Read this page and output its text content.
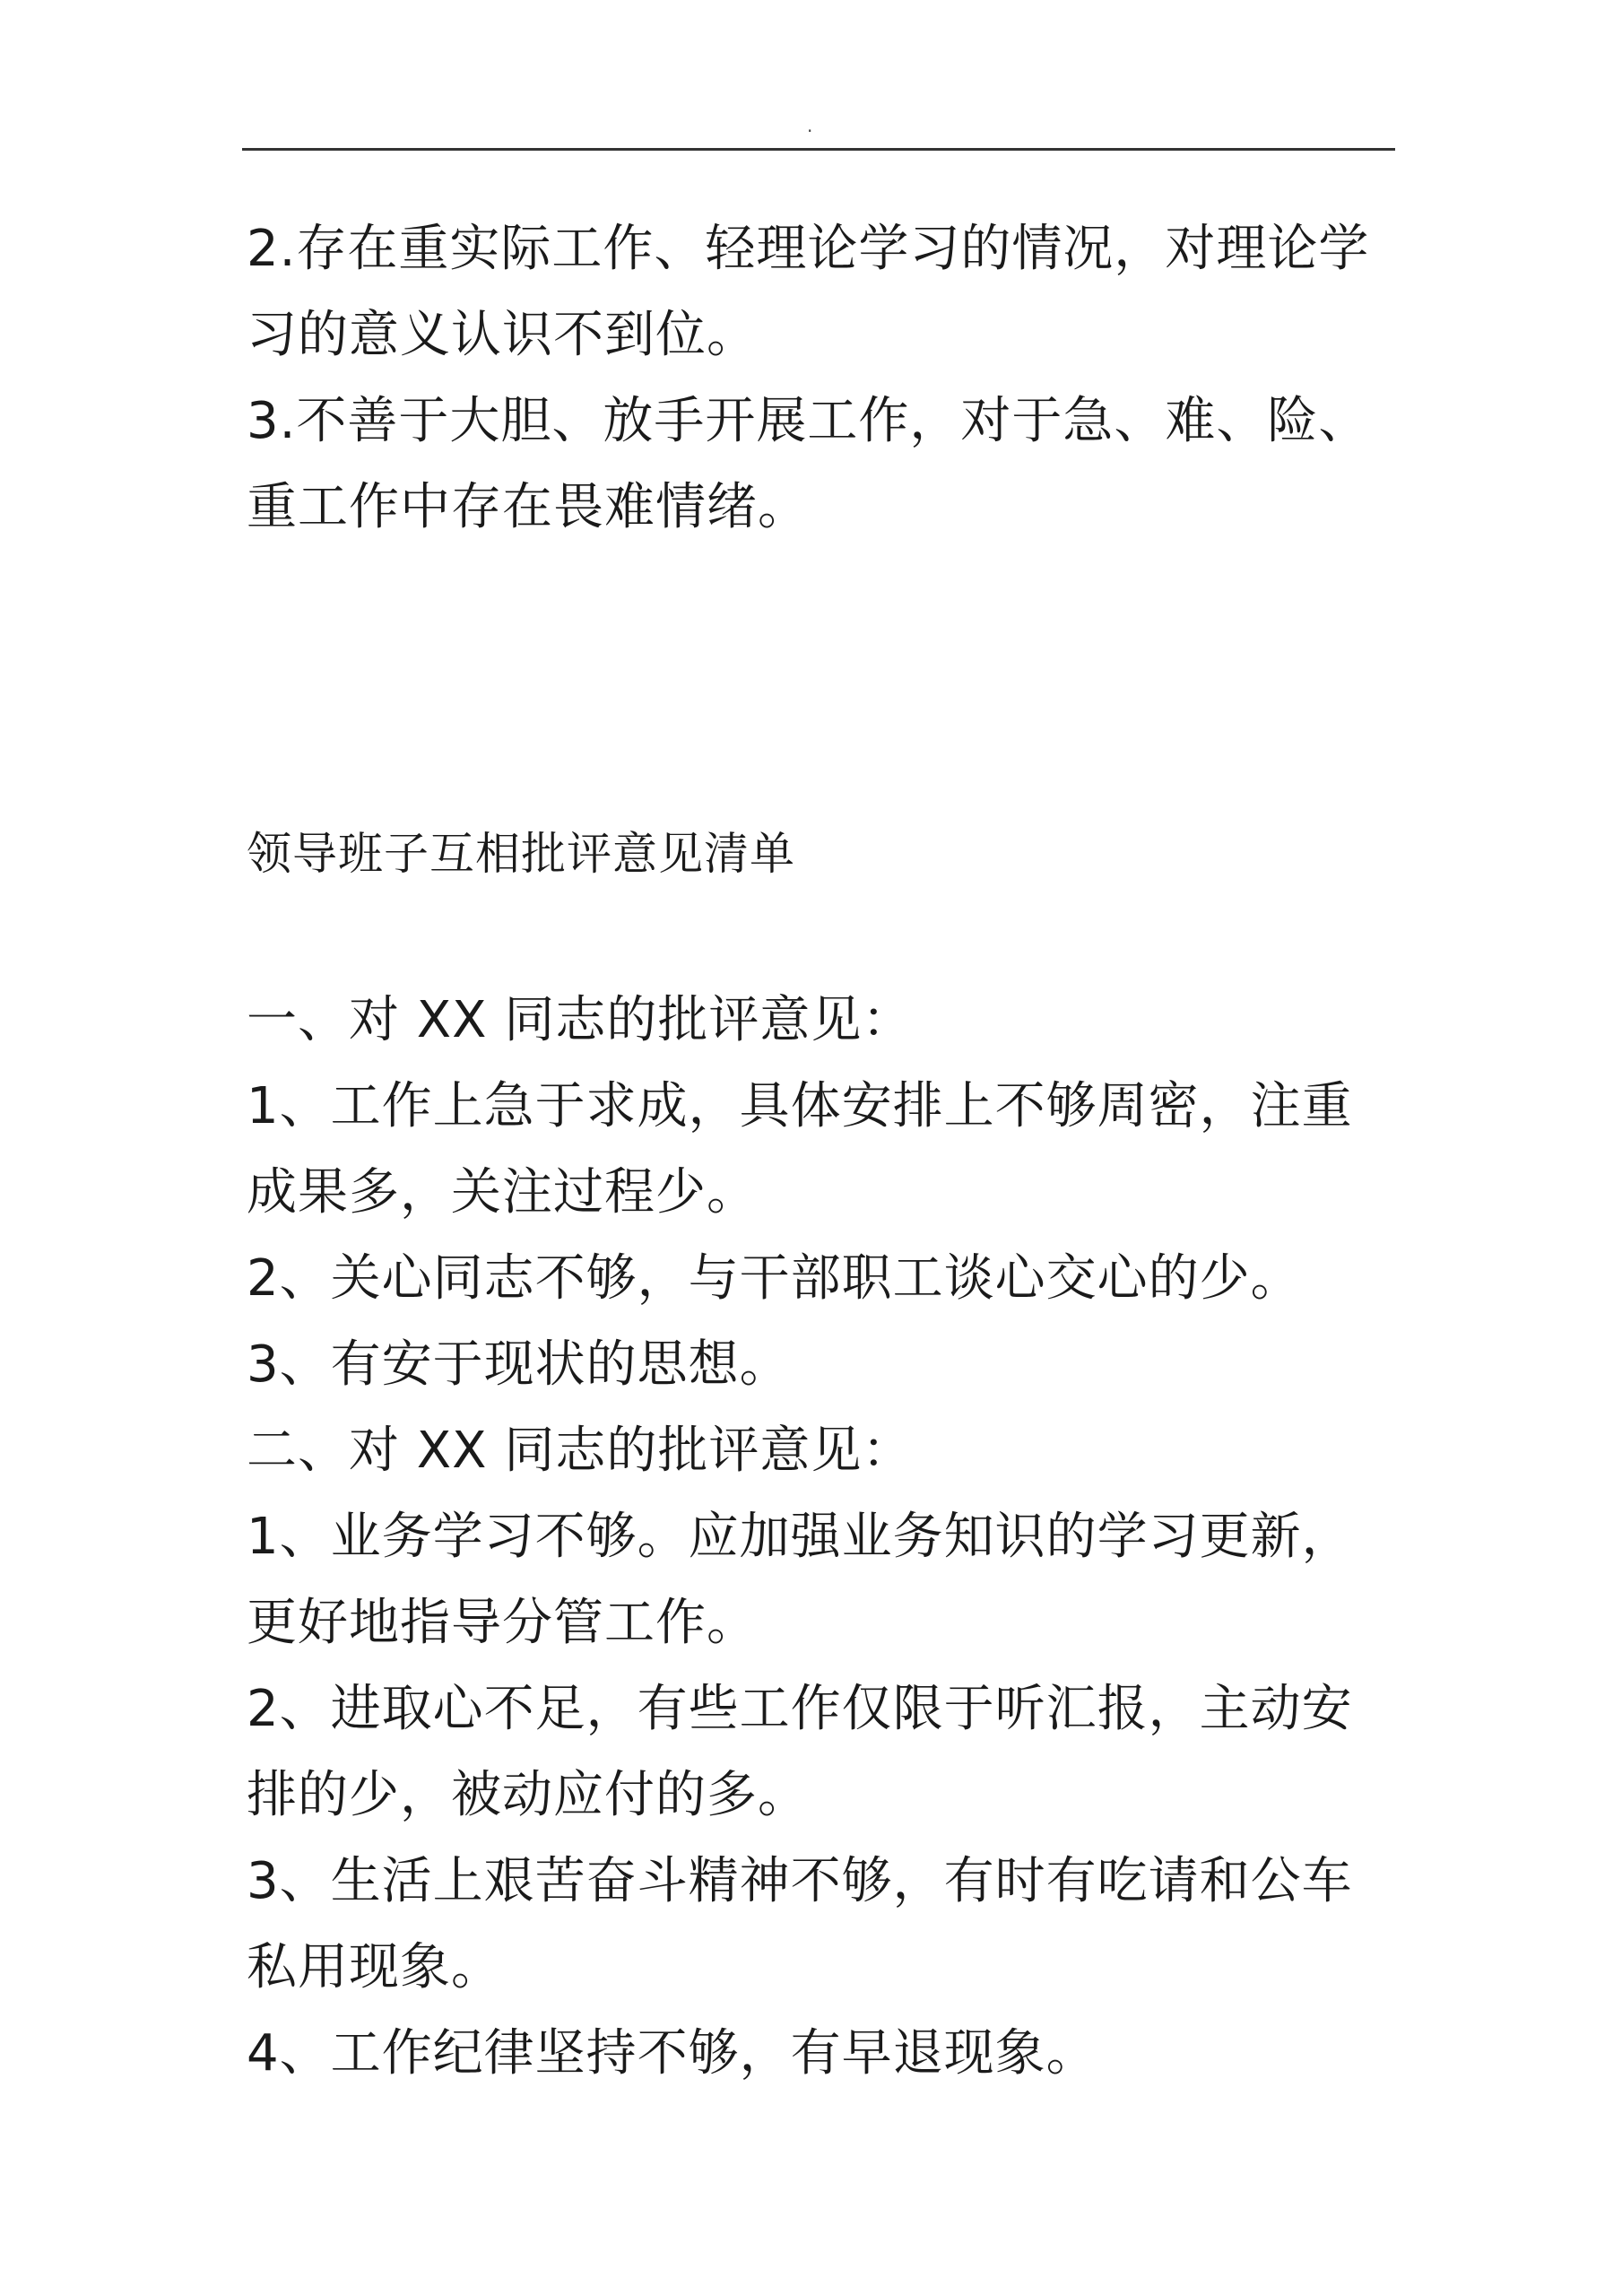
.

2.存在重实际工作、轻理论学习的情况，对理论学习的意义认识不到位。

3.不善于大胆、放手开展工作，对于急、难、险、重工作中存在畏难情绪。

领导班子互相批评意见清单

一、对 XX 同志的批评意见：

1、工作上急于求成，具体安排上不够周密，注重成果多，关注过程少。

2、关心同志不够，与干部职工谈心交心的少。

3、有安于现状的思想。

二、对 XX 同志的批评意见：

1、业务学习不够。应加强业务知识的学习更新，更好地指导分管工作。

2、进取心不足，有些工作仅限于听汇报，主动安排的少，被动应付的多。

3、生活上艰苦奋斗精神不够，有时有吃请和公车私用现象。

4、工作纪律坚持不够，有早退现象。
